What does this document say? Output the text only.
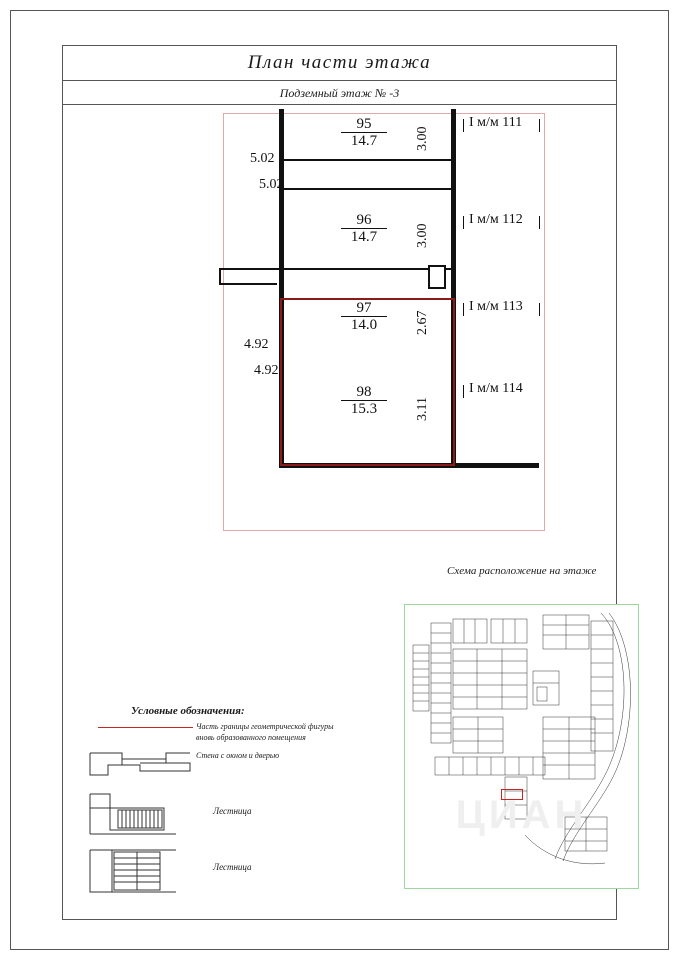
План части этажа
Подземный этаж № -3
95
14.7	3.00
I м/м 111
5.02
5.02
96
14.7	3.00
I м/м 112
97
14.0	2.67
I м/м 113
4.92
4.92
98
15.3	3.11
I м/м 114
Схема расположение на этаже
ЦИАН
Условные обозначения:
Часть границы геометрической фигуры
вновь образованного помещения
Стена с окном и дверью
Лестница
Лестница
